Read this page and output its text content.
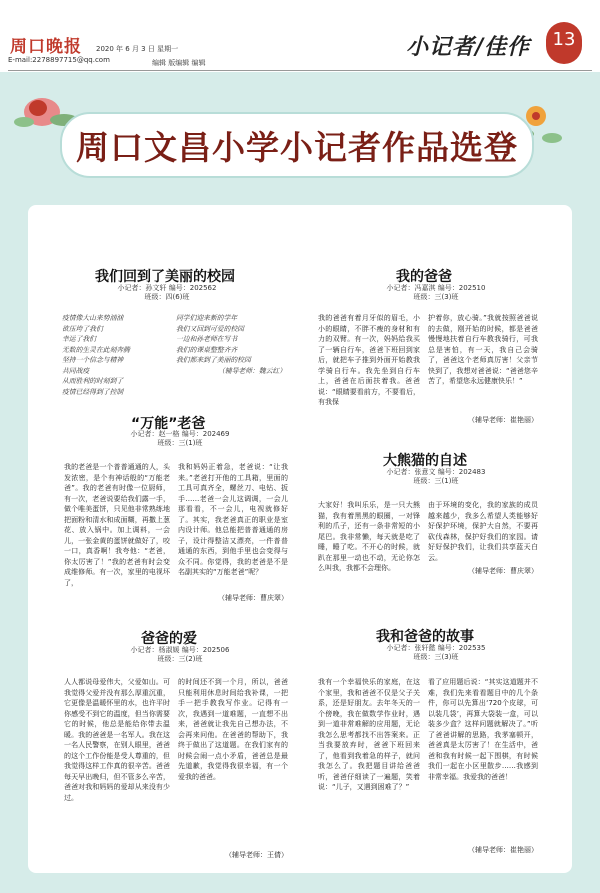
周口晚报 2020 年 6 月 3 日 星期一
E-mail:2278897715@qq.com	编辑 版编辑 编辑
小记者/佳作	13
周口文昌小学小记者作品选登
我们回到了美丽的校园
小记者：孙文轩 编号：202562
班级：四(6)班
疫情像大山来势汹汹
欲压垮了我们
幸运了我们
无数的生灵在此刻奔腾
坚持一个信念与精神
共同战疫
从而胜利的时刻到了
疫情已经得到了控制
同学们迎来新的学年
我们又回到可爱的校园
一边和孙老师在写书
我们的课桌整整齐齐
我们都来到了美丽的校园
（辅导老师：魏云红）
“万能”老爸
小记者：赵一格 编号：202469
班级：三(1)班
我的老爸是一个普普通通的人，头发浓密，是个有神话般的“万能老爸”。我的老爸有时像一位厨师，有一次，老爸说要给我们露一手，做个唯美蛋饼，只见他非常熟练地把面粉和清水和成面糊，再撒上葱花、放入锅中。加上调料，一会儿，一张金黄的蛋饼就做好了，咬一口，真香啊！我夸他：“老爸，你太厉害了！”我的老爸有时会变成维修师。有一次，家里的电视坏了，
我和妈妈正着急，老爸说：“让我来。”老爸打开他的工具箱，里面的工具可真齐全，螺丝刀、电钻、扳手……老爸一会儿这调调，一会儿那看看，不一会儿，电视就修好了。其实，我老爸真正的职业是室内设计师。他总能把普普通通的房子，设计得整洁又漂亮，一件普普通通的东西，到他手里也会变得与众不同。你觉得，我的老爸是不是名副其实的“万能老爸”呢？
（辅导老师：曹庆翠）
爸爸的爱
小记者：杨淑媛 编号：202506
班级：三(2)班
人人都说母爱伟大，父爱如山。可我觉得父爱并没有那么厚重沉重，它更像是温暖怀里的水，也许平时你感受不到它的温度，但当你需要它的时候，他总是能给你带去温暖。我的爸爸是一名军人。我在这一名人民警察，在别人眼里，爸爸的这个工作份能是受人尊重的，但我觉得这样工作真的很辛苦。爸爸每天早出晚归，但不管多么辛苦，爸爸对我和妈妈的爱却从来没有少过。
的时间还不到一个月，所以，爸爸只能利用休息时间给我补课，一把手一把手教我写作业。记得有一次，我遇到一道难题，一直想不出来，爸爸就让我先自己想办法，不会再来问他。在爸爸的帮助下，我终于做出了这道题。在我们家有的时候会闹一点小矛盾，爸爸总是最先道歉，我觉得我很幸福，有一个爱我的爸爸。
（辅导老师：王倩）
我的爸爸
小记者：冯嘉淇 编号：202510
班级：三(3)班
我的爸爸有着月牙似的眉毛，小小的眼睛，不胖不瘦的身材和有力的双臂。有一次，妈妈给我买了一辆自行车，爸爸下班回到家后，就把车子推到外面开始教我学骑自行车。我先坐到自行车上，爸爸在后面扶着我。爸爸说：“眼睛要看前方，不要看后，有我保
护着你，放心骑。”我就按照爸爸说的去做，刚开始的时候，都是爸爸慢慢地扶着自行车教我骑行，可我总是害怕，有一天，我自己会骑了，爸爸这个老师真厉害！父亲节快到了，我想对爸爸说：“爸爸您辛苦了，希望您永远健康快乐！”
（辅导老师：崔艳丽）
大熊猫的自述
小记者：张意文 编号：202483
班级：三(1)班
大家好！我叫乐乐，是一只大熊猫，我有着黑黑的眼圈，一对锋利的爪子，还有一条非常短的小尾巴。我非常懒，每天就是吃了睡，睡了吃。不开心的时候，就趴在那里一动也不动，无论你怎么叫我，我都不会理你。
由于环境的变化，我的家族的成员越来越少，我多么希望人类能够好好保护环境，保护大自然，不要再砍伐森林，保护好我们的家园。请好好保护我们，让我们共享蓝天白云。
（辅导老师：曹庆翠）
我和爸爸的故事
小记者：张轩懿 编号：202535
班级：三(3)班
我有一个幸福快乐的家庭，在这个家里，我和爸爸不仅是父子关系，还是好朋友。去年冬天的一个傍晚，我在做数学作业时，遇到一道非常难解的应用题，无论我怎么思考都找不出答案来。正当我要放弃时，爸爸下班回来了，他看到我着急的样子，就问我怎么了。我把题目讲给爸爸听，爸爸仔细读了一遍题，笑着说：“儿子，又遇到困难了？”
看了应用题后说：“其实这道题并不难，我们先来看看题目中的几个条件，你可以先算出‘720个皮球，可以装几袋’，再算大袋装一盒，可以装多少盒？这样问题就解决了。”听了爸爸讲解的思路，我茅塞顿开，爸爸真是太厉害了！在生活中，爸爸和我有时候一起下围棋，有时候我们一起在小区里散步……我感到非常幸福。我爱我的爸爸！
（辅导老师：崔艳丽）
